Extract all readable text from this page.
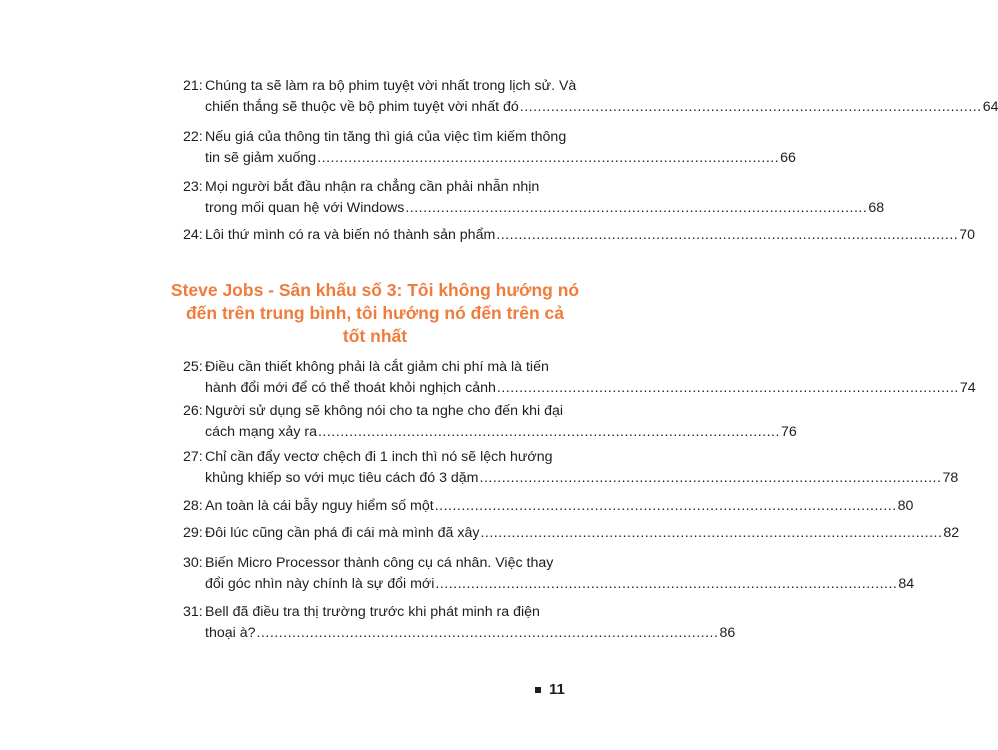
21: Chúng ta sẽ làm ra bộ phim tuyệt vời nhất trong lịch sử. Và
chiến thắng sẽ thuộc về bộ phim tuyệt vời nhất đó ........................................................................................................ 64
22: Nếu giá của thông tin tăng thì giá của việc tìm kiếm thông
tin sẽ giảm xuống ........................................................................................................ 66
23: Mọi người bắt đầu nhận ra chẳng cần phải nhẫn nhịn
trong mối quan hệ với Windows ........................................................................................................ 68
24: Lôi thứ mình có ra và biến nó thành sản phẩm ........................................................................................................ 70
Steve Jobs - Sân khấu số 3: Tôi không hướng nó
đến trên trung bình, tôi hướng nó đến trên cả
tốt nhất
25: Điều cần thiết không phải là cắt giảm chi phí mà là tiến
hành đổi mới để có thể thoát khỏi nghịch cảnh ........................................................................................................ 74
26: Người sử dụng sẽ không nói cho ta nghe cho đến khi đại
cách mạng xảy ra ........................................................................................................ 76
27: Chỉ cần đẩy vectơ chệch đi 1 inch thì nó sẽ lệch hướng
khủng khiếp so với mục tiêu cách đó 3 dặm ........................................................................................................ 78
28: An toàn là cái bẫy nguy hiểm số một ........................................................................................................ 80
29: Đôi lúc cũng cần phá đi cái mà mình đã xây ........................................................................................................ 82
30: Biến Micro Processor thành công cụ cá nhân. Việc thay
đổi góc nhìn này chính là sự đổi mới ........................................................................................................ 84
31: Bell đã điều tra thị trường trước khi phát minh ra điện
thoại à? ........................................................................................................ 86
11
